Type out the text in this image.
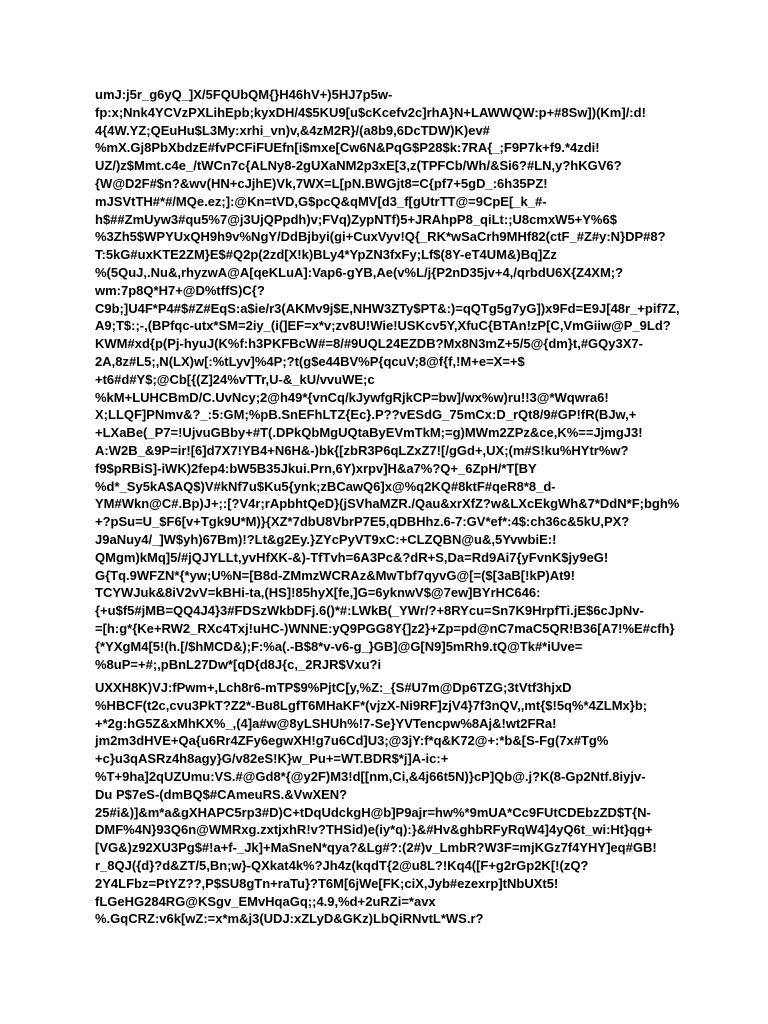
umJ:j5r_g6yQ_]X/5FQUbQM{}H46hV+)5HJ7p5w-
fp:x;Nnk4YCVzPXLihEpb;kyxDH/4$5KU9[u$cKcefv2c]rhA}N+LAWWQW:p+#8Sw])(Km]/:d!
4{4W.YZ;QEuHu$L3My:xrhi_vn)v,&4zM2R}/(a8b9,6DcTDW)K)ev#
%mX.Gj8PbXbdzE#fvPCFiFUEfn[i$mxe[Cw6N&PqG$P28$k:7RA{_;F9P7k+f9.*4zdi!
UZ/)z$Mmt.c4e_/tWCn7c{ALNy8-2gUXaNM2p3xE[3,z(TPFCb/Wh/&Si6?#LN,y?hKGV6?
{W@D2F#$n?&wv(HN+cJjhE)Vk,7WX=L[pN.BWGjt8=C{pf7+5gD_:6h35PZ!
mJSVtTH#*#/MQe.ez;]:@Kn=tVD,G$pcQ&qMV[d3_f[gUtrTT@=9CpE[_k_#-
h$##ZmUyw3#qu5%7@j3UjQPpdh)v;FVq)ZypNTf)5+JRAhpP8_qiLt:;U8cmxW5+Y%6$
%3Zh5$WPYUxQH9h9v%NgY/DdBjbyi(gi+CuxVyv!Q{_RK*wSaCrh9MHf82(ctF_#Z#y:N}DP#8?
T:5kG#uxKTE2ZM}E$#Q2p(2zd[X!k)BLy4*YpZN3fxFy;Lf$(8Y-eT4UM&)Bq]Zz
%(5QuJ,.Nu&,rhyzwA@A[qeKLuA]:Vap6-gYB,Ae(v%L/j{P2nD35jv+4,/qrbdU6X{Z4XM;?
wm:7p8Q*H7+@D%tffS)C{?
C9b;]U4F*P4#$#Z#EqS:a$ie/r3(AKMv9j$E,NHW3ZTy$PT&:)=qQTg5g7yG])x9Fd=E9J[48r_+pif7Z,
A9;T$:;-,(BPfqc-utx*SM=2iy_(i(]EF=x*v;zv8U!Wie!USKcv5Y,XfuC{BTAn!zP[C,VmGiiw@P_9Ld?
KWM#xd{p(Pj-hyuJ(K%f:h3PKFBcW#=8/#9UQL24EZDB?Mx8N3mZ+5/5@{dm}t,#GQy3X7-
2A,8z#L5;,N(LX)w[:%tLyv]%4P;?t(g$e44BV%P{qcuV;8@f{f,!M+e=X=+$
+t6#d#Y$;@Cb[{(Z]24%vTTr,U-&_kU/vvuWE;c
%kM+LUHCBmD/C.UvNcy;2@h49*{vnCq/kJywfgRjkCP=bw]/wx%w)ru!!3@*Wqwra6!
X;LLQF]PNmv&?_:5:GM;%pB.SnEFhLTZ{Ec}.P??vESdG_75mCx:D_rQt8/9#GP!fR(BJw,+
+LXaBe(_P7=!UjvuGBby+#T(.DPkQbMgUQtaByEVmTkM;=g)MWm2ZPz&ce,K%==JjmgJ3!
A:W2B_&9P=ir![6]d7X7!YB4+N6H&-)bk{[zbR3P6qLZxZ7![/gGd+,UX;(m#S!ku%HYtr%w?
f9$pRBiS]-iWK)2fep4:bW5B35Jkui.Prn,6Y)xrpv]H&a7%?Q+_6ZpH/*T[BY
%d*_Sy5kA$AQ$)V#kNf7u$Ku5{ynk;zBCawQ6]x@%q2KQ#8ktF#qeR8*8_d-
YM#Wkn@C#.Bp)J+;:[?V4r;rApbhtQeD}(jSVhaMZR./Qau&xrXfZ?w&LXcEkgWh&7*DdN*F;bgh%
+?pSu=U_$F6[v+Tgk9U*M)}{XZ*7dbU8VbrP7E5,qDBHhz.6-7:GV*ef*:4$:ch36c&5kU,PX?
J9aNuy4/_]W$yh)67Bm)!?Lt&g2Ey.}ZYcPyVT9xC:+CLZQBN@u&,5YvwbiE:!
QMgm)kMq]5/#jQJYLLt,yvHfXK-&)-TfTvh=6A3Pc&?dR+S,Da=Rd9Ai7{yFvnK$jy9eG!
G{Tq.9WFZN*{*yw;U%N=[B8d-ZMmzWCRAz&MwTbf7qyvG@[=($[3aB[!kP)At9!
TCYWJuk&8iV2vV=kBHi-ta,(HS]!85hyX[fe,]G=6yknwV$@7ew]BYrHC646:
{+u$f5#jMB=QQ4J4}3#FDSzWkbDFj.6()*#:LWkB(_YWr/?+8RYcu=Sn7K9HrpfTi.jE$6cJpNv-
=[h:g*{Ke+RW2_RXc4Txj!uHC-)WNNE:yQ9PGG8Y{]z2}+Zp=pd@nC7maC5QR!B36[A7!%E#cfh}
{*YXgM4[5!(h.[/$hMCD&);F:%a(.-B$8*v-v6-g_}GB]@G[N9]5mRh9.tQ@Tk#*iUve=
%8uP=+#;,pBnL27Dw*[qD{d8J{c,_2RJR$Vxu?i
UXXH8K)VJ:fPwm+,Lch8r6-mTP$9%PjtC[y,%Z:_{S#U7m@Dp6TZG;3tVtf3hjxD
%HBCF(t2c,cvu3PkT?Z2*-Bu8LgfT6MHaKF*(vjzX-Ni9RF]zjV4}7f3nQV,,mt{$!5q%*4ZLMx}b;
+*2g:hG5Z&xMhKX%_,(4]a#w@8yLSHUh%!7-Se}YVTencpw%8Aj&!wt2FRa!
jm2m3dHVE+Qa{u6Rr4ZFy6egwXH!g7u6Cd]U3;@3jY:f*q&K72@+:*b&[S-Fg(7x#Tg%
+c}u3qASRz4h8agy}G/v82eS!K}w_Pu+=WT.BDR$*j]A-ic:+
%T+9ha]2qUZUmu:VS.#@Gd8*{@y2F)M3!d[[nm,Ci,&4j66t5N)}cP]Qb@.j?K(8-Gp2Ntf.8iyjv-
Du P$7eS-(dmBQ$#CAmeuRS.&VwXEN?
25#i&)]&m*a&gXHAPC5rp3#D)C+tDqUdckgH@b]P9ajr=hw%*9mUA*Cc9FUtCDEbzZD$T{N-
DMF%4N}93Q6n@WMRxg.zxtjxhR!v?THSid)e(iy*q):}&#Hv&ghbRFyRqW4]4yQ6t_wi:Ht}qg+
[VG&)z92XU3Pg$#!a+f-_Jk]+MaSneN*qya?&Lg#?:(2#)v_LmbR?W3F=mjKGz7f4YHY]eq#GB!
r_8QJ({d}?d&ZT/5,Bn;w}-QXkat4k%?Jh4z(kqdT{2@u8L?!Kq4([F+g2rGp2K[!(zQ?
2Y4LFbz=PtYZ??,P$SU8gTn+raTu}?T6M[6jWe[FK;ciX,Jyb#ezexrp]tNbUXt5!
fLGeHG284RG@KSgv_EMvHqaGq;;4.9,%d+2uRZi=*avx
%.GqCRZ:v6k[wZ:=x*m&j3(UDJ:xZLyD&GKz)LbQiRNvtL*WS.r?
